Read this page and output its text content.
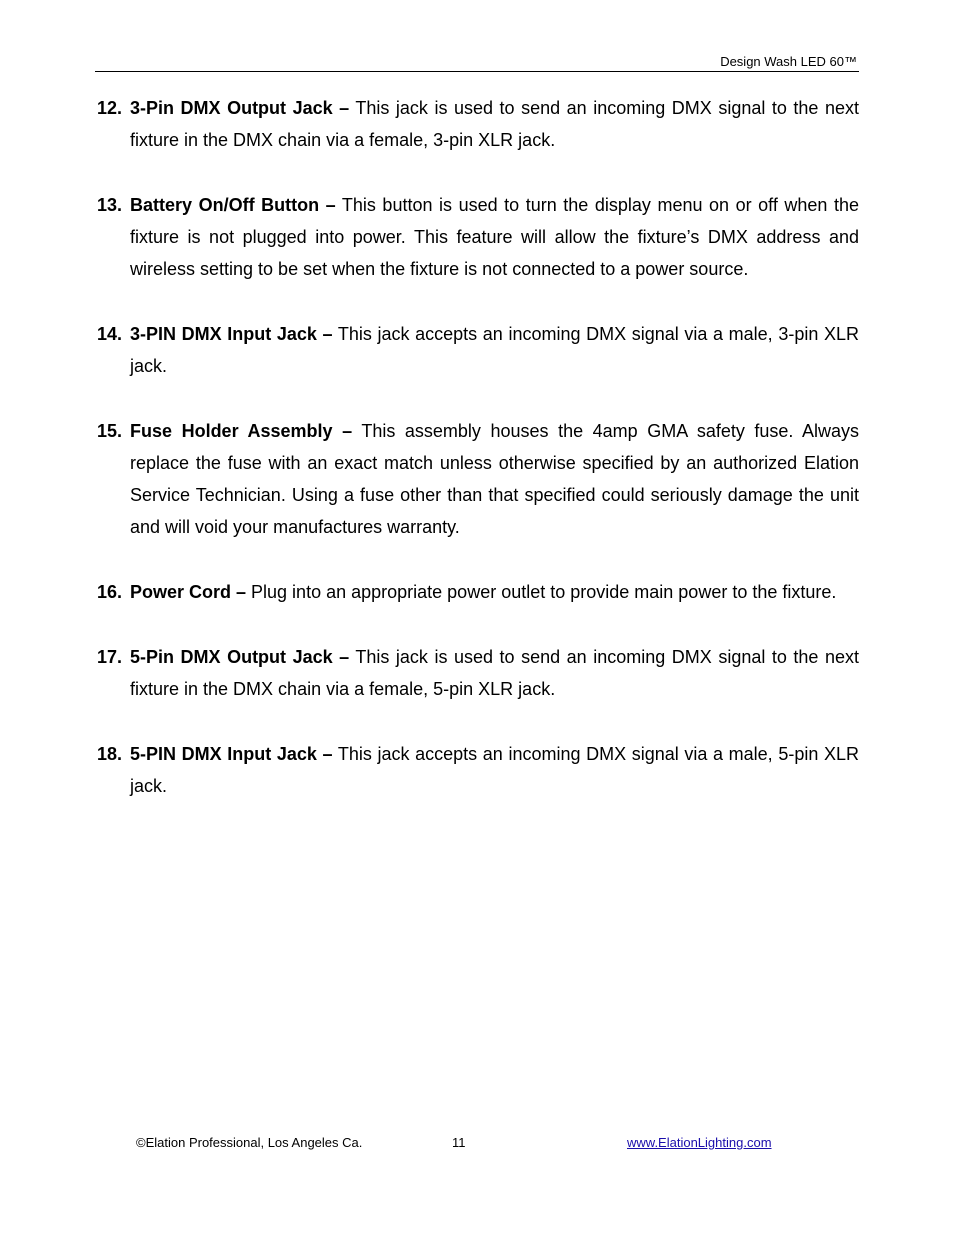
Design Wash LED 60™
12. 3-Pin DMX Output Jack – This jack is used to send an incoming DMX signal to the next fixture in the DMX chain via a female, 3-pin XLR jack.
13. Battery On/Off Button – This button is used to turn the display menu on or off when the fixture is not plugged into power. This feature will allow the fixture’s DMX address and wireless setting to be set when the fixture is not connected to a power source.
14. 3-PIN DMX Input Jack – This jack accepts an incoming DMX signal via a male, 3-pin XLR jack.
15. Fuse Holder Assembly – This assembly houses the 4amp GMA safety fuse. Always replace the fuse with an exact match unless otherwise specified by an authorized Elation Service Technician. Using a fuse other than that specified could seriously damage the unit and will void your manufactures warranty.
16. Power Cord – Plug into an appropriate power outlet to provide main power to the fixture.
17. 5-Pin DMX Output Jack – This jack is used to send an incoming DMX signal to the next fixture in the DMX chain via a female, 5-pin XLR jack.
18. 5-PIN DMX Input Jack – This jack accepts an incoming DMX signal via a male, 5-pin XLR jack.
©Elation Professional, Los Angeles Ca.	11	www.ElationLighting.com
